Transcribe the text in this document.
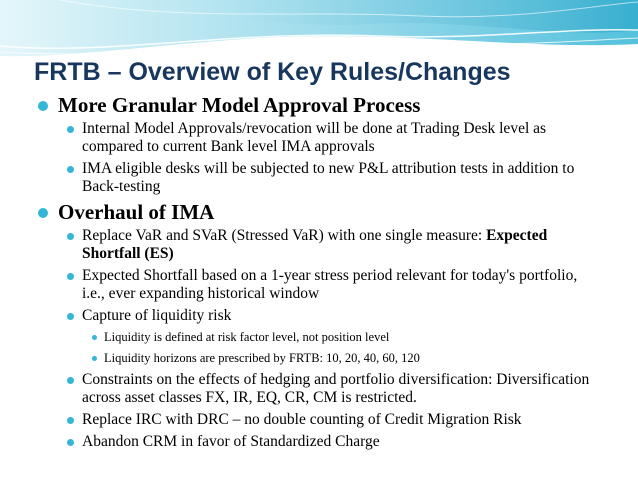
FRTB – Overview of Key Rules/Changes
More Granular Model Approval Process
Internal Model Approvals/revocation will be done at Trading Desk level as compared to current Bank level IMA approvals
IMA eligible desks will be subjected to new P&L attribution tests in addition to Back-testing
Overhaul of IMA
Replace VaR and SVaR (Stressed VaR) with one single measure: Expected Shortfall (ES)
Expected Shortfall based on a 1-year stress period relevant for today's portfolio, i.e., ever expanding historical window
Capture of liquidity risk
Liquidity is defined at risk factor level, not position level
Liquidity horizons are prescribed by FRTB: 10, 20, 40, 60, 120
Constraints on the effects of hedging and portfolio diversification: Diversification across asset classes FX, IR, EQ, CR, CM is restricted.
Replace IRC with DRC – no double counting of Credit Migration Risk
Abandon CRM in favor of Standardized Charge
